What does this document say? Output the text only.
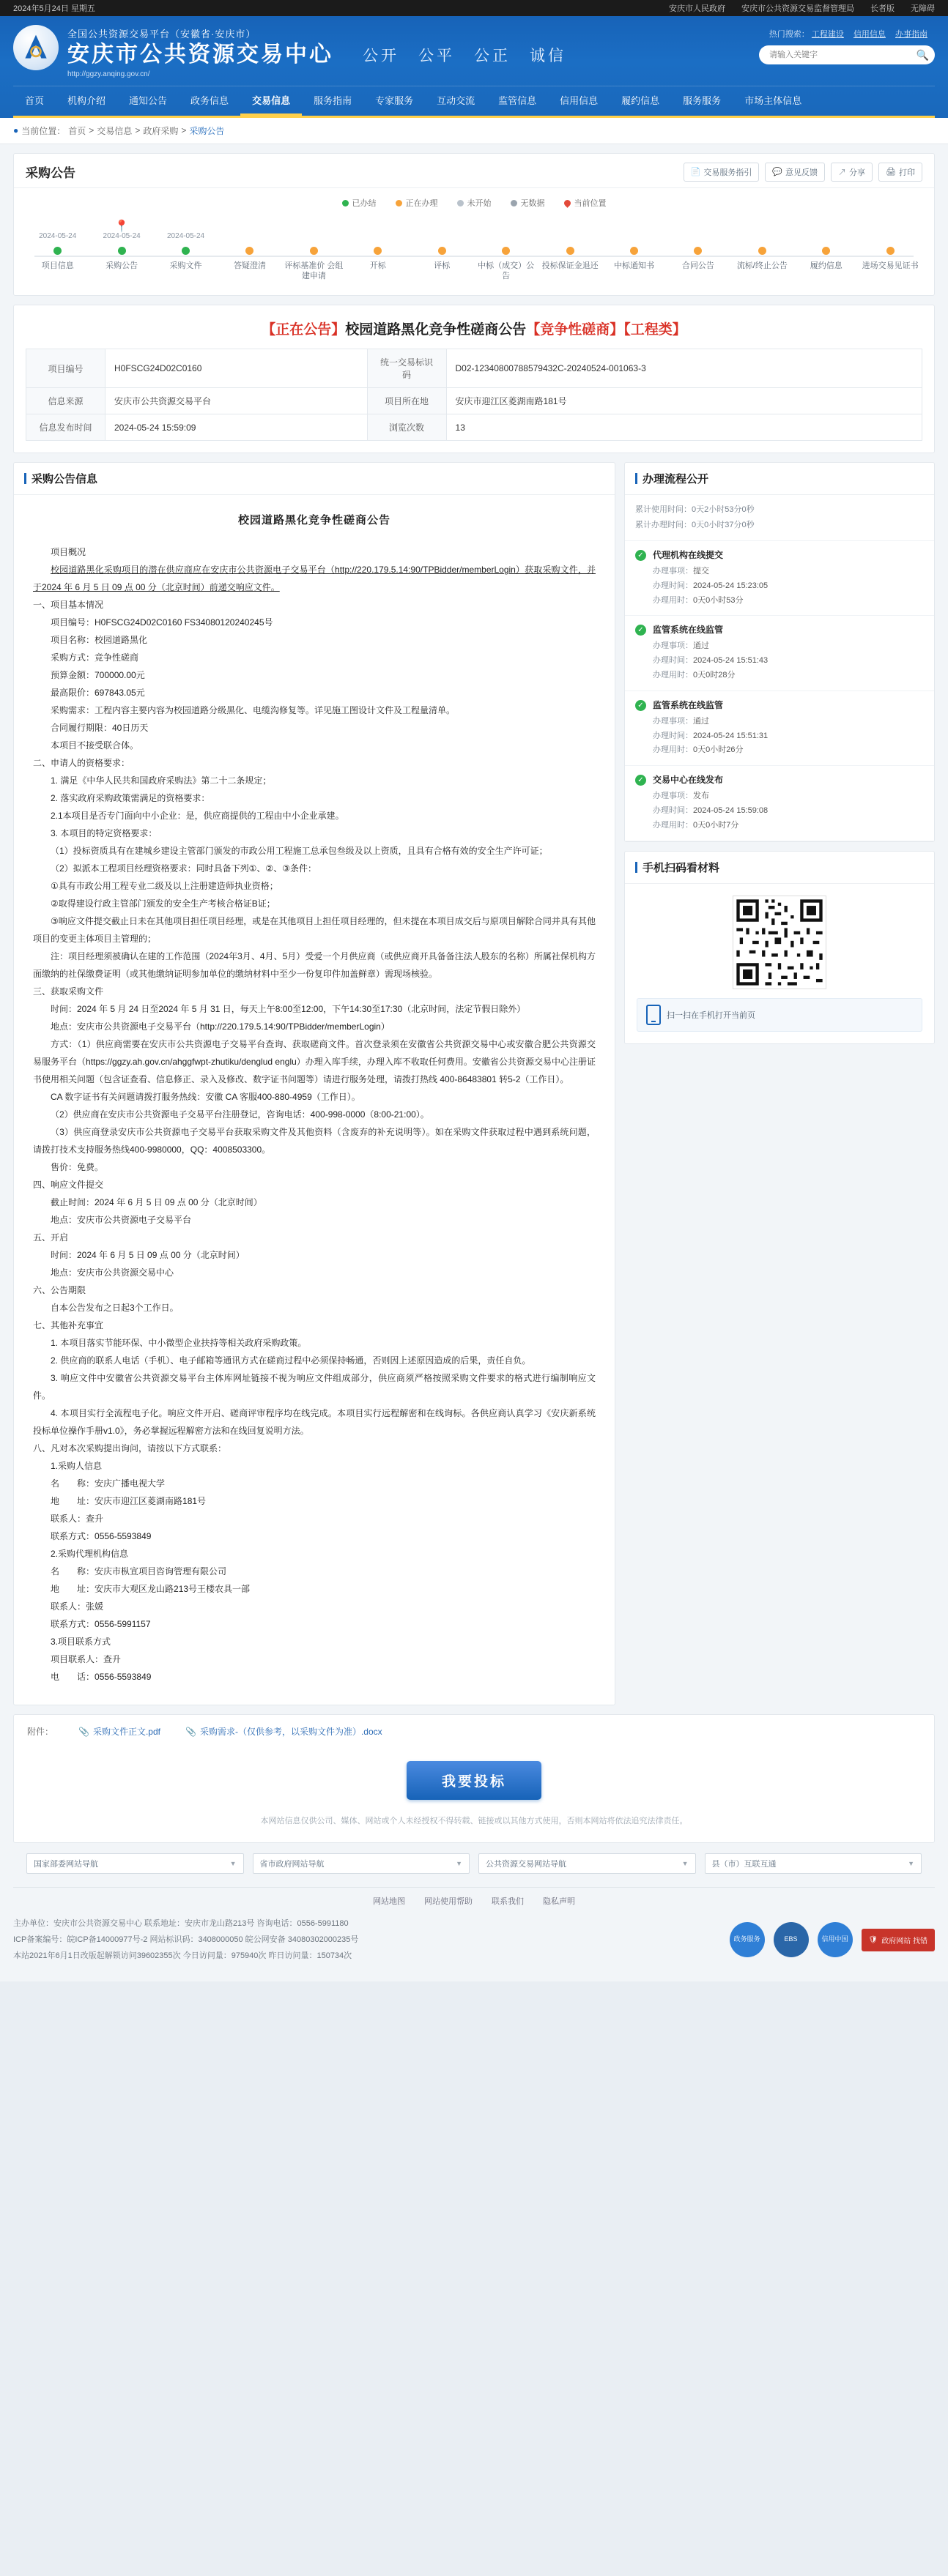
2024年5月24日 星期五	安庆市人民政府 安庆市公共资源交易监督管理局 长者版 无障碍
全国公共资源交易平台（安徽省·安庆市）
安庆市公共资源交易中心
http://ggzy.anqing.gov.cn/
公开 公平 公正 诚信
热门搜索： 工程建设 信用信息 办事指南
请输入关键字
🔍
首页	机构介绍	通知公告	政务信息	交易信息	服务指南	专家服务	互动交流	监管信息	信用信息	履约信息	服务服务	市场主体信息
● 当前位置： 首页 > 交易信息 > 政府采购 > 采购公告
采购公告	📄 交易服务指引	💬 意见反馈	↗ 分享	🖨 打印
已办结	正在办理	未开始	无数据	当前位置
2024-05-24
项目信息
📍
2024-05-24
采购公告
2024-05-24
采购文件	答疑澄清	评标基准价 会组建申请
开标	评标	中标（成交）公告
投标保证金退还	中标通知书	合同公告	流标/终止公告	履约信息	进场交易见证书
【正在公告】校园道路黑化竞争性磋商公告【竞争性磋商】【工程类】
项目编号	H0FSCG24D02C0160	统一交易标识码	D02-12340800788579432C-20240524-001063-3
信息来源	安庆市公共资源交易平台	项目所在地	安庆市迎江区菱湖南路181号
信息发布时间	2024-05-24 15:59:09	浏览次数	13
采购公告信息
校园道路黑化竞争性磋商公告

项目概况

校园道路黑化采购项目的潜在供应商应在安庆市公共资源电子交易平台（http://220.179.5.14:90/TPBidder/memberLogin）获取采购文件，并于2024 年 6 月 5 日 09 点 00 分（北京时间）前递交响应文件。

一、项目基本情况

项目编号：H0FSCG24D02C0160 FS34080120240245号

项目名称：校园道路黑化

采购方式：竞争性磋商

预算金额：700000.00元

最高限价：697843.05元

采购需求：工程内容主要内容为校园道路分级黑化、电缆沟修复等。详见施工图设计文件及工程量清单。

合同履行期限：40日历天

本项目不接受联合体。

二、申请人的资格要求：

1. 满足《中华人民共和国政府采购法》第二十二条规定；

2. 落实政府采购政策需满足的资格要求：

2.1本项目是否专门面向中小企业：是，供应商提供的工程由中小企业承建。

3. 本项目的特定资格要求：

（1）投标资质具有在建城乡建设主管部门颁发的市政公用工程施工总承包叁级及以上资质，且具有合格有效的安全生产许可证；

（2）拟派本工程项目经理资格要求：同时具备下列①、②、③条件：

①具有市政公用工程专业二级及以上注册建造师执业资格；

②取得建设行政主管部门颁发的安全生产考核合格证B证；

③响应文件提交截止日未在其他项目担任项目经理，或是在其他项目上担任项目经理的，但未提在本项目成交后与原项目解除合同并具有其他项目的变更主体项目主管理的；

注：项目经理须被确认在建的工作范围（2024年3月、4月、5月）受爱一个月供应商（或供应商开具备备注法人股东的名称）所属社保机构方面缴纳的社保缴费证明（或其他缴纳证明参加单位的缴纳材料中至少一份复印件加盖鲜章）需现场核验。

三、获取采购文件

时间：2024 年 5 月 24 日至2024 年 5 月 31 日，每天上午8:00至12:00，下午14:30至17:30（北京时间，法定节假日除外）

地点：安庆市公共资源电子交易平台（http://220.179.5.14:90/TPBidder/memberLogin）

方式：（1）供应商需要在安庆市公共资源电子交易平台查询、获取磋商文件。首次登录须在安徽省公共资源交易中心或安徽合肥公共资源交易服务平台（https://ggzy.ah.gov.cn/ahggfwpt-zhutiku/denglud englu）办理入库手续，办理入库不收取任何费用。安徽省公共资源交易中心注册证书使用相关问题（包含证查看、信息修正、录入及修改、数字证书问题等）请进行服务处理，请拨打热线 400-86483801 转5-2（工作日）。

CA 数字证书有关问题请拨打服务热线：安徽 CA 客服400-880-4959（工作日）。

（2）供应商在安庆市公共资源电子交易平台注册登记，咨询电话：400-998-0000（8:00-21:00）。

（3）供应商登录安庆市公共资源电子交易平台获取采购文件及其他资料（含废弃的补充说明等）。如在采购文件获取过程中遇到系统问题，请拨打技术支持服务热线400-9980000，QQ：4008503300。

售价：免费。

四、响应文件提交

截止时间：2024 年 6 月 5 日 09 点 00 分（北京时间）

地点：安庆市公共资源电子交易平台

五、开启

时间：2024 年 6 月 5 日 09 点 00 分（北京时间）

地点：安庆市公共资源交易中心

六、公告期限

自本公告发布之日起3个工作日。

七、其他补充事宜

1. 本项目落实节能环保、中小微型企业扶持等相关政府采购政策。

2. 供应商的联系人电话（手机）、电子邮箱等通讯方式在磋商过程中必须保持畅通，否则因上述原因造成的后果，责任自负。

3. 响应文件中安徽省公共资源交易平台主体库网址链接不视为响应文件组成部分，供应商须严格按照采购文件要求的格式进行编制响应文件。

4. 本项目实行全流程电子化。响应文件开启、磋商评审程序均在线完成。本项目实行远程解密和在线询标。各供应商认真学习《安庆新系统投标单位操作手册v1.0》，务必掌握远程解密方法和在线回复说明方法。

八、凡对本次采购提出询问，请按以下方式联系：

1.采购人信息

名　　称：安庆广播电视大学

地　　址：安庆市迎江区菱湖南路181号

联系人：查升

联系方式：0556-5593849

2.采购代理机构信息

名　　称：安庆市枞宣项目咨询管理有限公司

地　　址：安庆市大观区龙山路213号王楼农具一部

联系人：张媛

联系方式：0556-5991157

3.项目联系方式

项目联系人：查升

电　　话：0556-5593849

办理流程公开
累计使用时间：0天2小时53分0秒
累计办理时间：0天0小时37分0秒
✓ 代理机构在线提交
办理事项：提交
办理时间：2024-05-24 15:23:05
办理用时：0天0小时53分
✓ 监管系统在线监管
办理事项：通过
办理时间：2024-05-24 15:51:43
办理用时：0天0时28分
✓ 监管系统在线监管
办理事项：通过
办理时间：2024-05-24 15:51:31
办理用时：0天0小时26分
✓ 交易中心在线发布
办理事项：发布
办理时间：2024-05-24 15:59:08
办理用时：0天0小时7分
手机扫码看材料
扫一扫在手机打开当前页
附件：	📎 采购文件正文.pdf	📎 采购需求-（仅供参考，以采购文件为准）.docx
我要投标
本网站信息仅供公司、媒体、网站或个人未经授权不得转载、链接或以其他方式使用，否则本网站将依法追究法律责任。
国家部委网站导航	▼	省市政府网站导航	▼	公共资源交易网站导航	▼	县（市）互联互通	▼
网站地图 网站使用帮助 联系我们 隐私声明
主办单位：安庆市公共资源交易中心 联系地址：安庆市龙山路213号 咨询电话：0556-5991180
ICP备案编号：皖ICP备14000977号-2 网站标识码：3408000050 皖公网安备 34080302000235号
本站2021年6月1日改版起解锁访问39602355次 今日访问量：975940次 昨日访问量：150734次
政务服务	EBS	信用中国	🛡 政府网站 找错
